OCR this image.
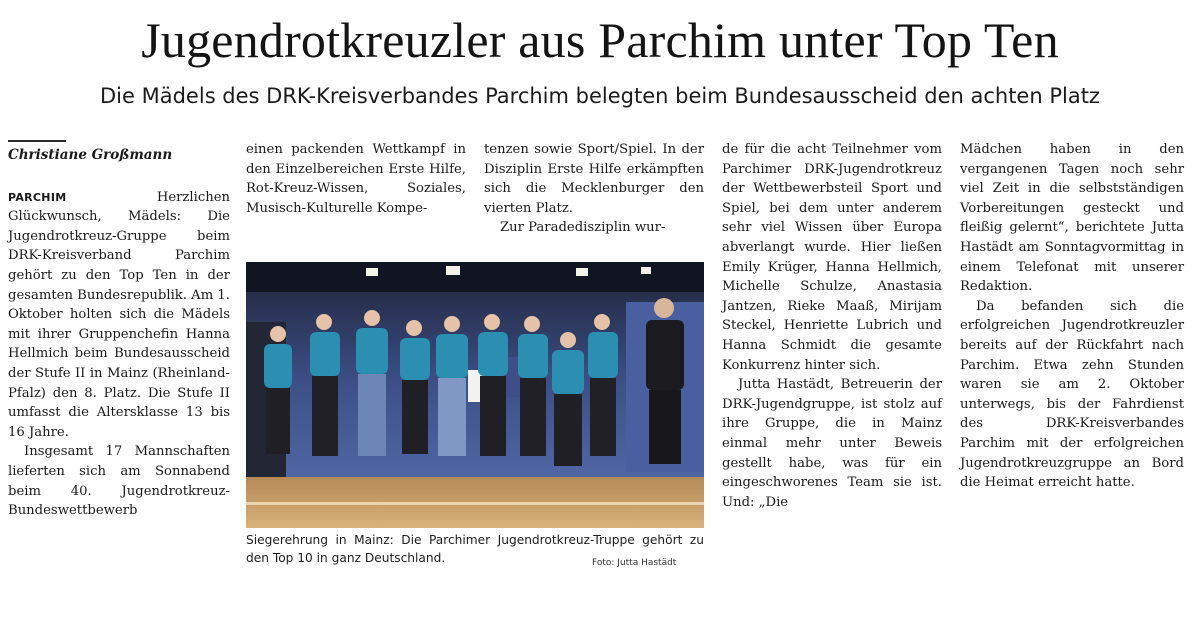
Jugendrotkreuzler aus Parchim unter Top Ten
Die Mädels des DRK-Kreisverbandes Parchim belegten beim Bundesausscheid den achten Platz

Christiane Großmann

PARCHIM	Herzlichen Glückwunsch, Mädels: Die Jugendrotkreuz-Gruppe beim DRK-Kreisverband Parchim gehört zu den Top Ten in der gesamten Bundesrepublik. Am 1. Oktober holten sich die Mädels mit ihrer Gruppenchefin Hanna Hellmich beim Bundesausscheid der Stufe II in Mainz (Rheinland-Pfalz) den 8. Platz. Die Stufe II umfasst die Altersklasse 13 bis 16 Jahre.

Insgesamt 17 Mannschaften lieferten sich am Sonnabend beim 40. Jugendrotkreuz-Bundeswettbewerb

einen packenden Wettkampf in den Einzelbereichen Erste Hilfe, Rot-Kreuz-Wissen, Soziales, Musisch-Kulturelle Kompe-

tenzen sowie Sport/Spiel. In der Disziplin Erste Hilfe erkämpften sich die Mecklenburger den vierten Platz.

Zur Paradedisziplin wur-

Siegerehrung in Mainz: Die Parchimer Jugendrotkreuz-Truppe gehört zu den Top 10 in ganz Deutschland.	Foto: Jutta Hastädt

de für die acht Teilnehmer vom Parchimer DRK-Jugendrotkreuz der Wettbewerbsteil Sport und Spiel, bei dem unter anderem sehr viel Wissen über Europa abverlangt wurde. Hier ließen Emily Krüger, Hanna Hellmich, Michelle Schulze, Anastasia Jantzen, Rieke Maaß, Mirijam Steckel, Henriette Lubrich und Hanna Schmidt die gesamte Konkurrenz hinter sich.

Jutta Hastädt, Betreuerin der DRK-Jugendgruppe, ist stolz auf ihre Gruppe, die in Mainz einmal mehr unter Beweis gestellt habe, was für ein eingeschworenes Team sie ist. Und: „Die

Mädchen haben in den vergangenen Tagen noch sehr viel Zeit in die selbstständigen Vorbereitungen gesteckt und fleißig gelernt“, berichtete Jutta Hastädt am Sonntagvormittag in einem Telefonat mit unserer Redaktion.

Da befanden sich die erfolgreichen Jugendrotkreuzler bereits auf der Rückfahrt nach Parchim. Etwa zehn Stunden waren sie am 2. Oktober unterwegs, bis der Fahrdienst des DRK-Kreisverbandes Parchim mit der erfolgreichen Jugendrotkreuzgruppe an Bord die Heimat erreicht hatte.
